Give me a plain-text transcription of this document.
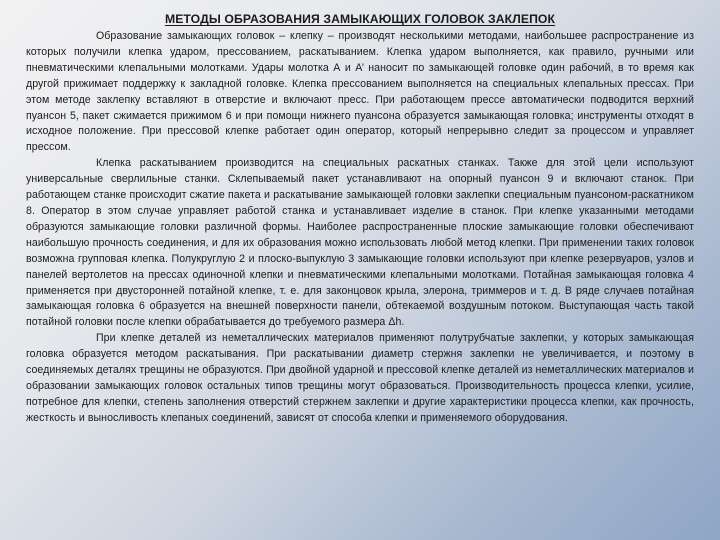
МЕТОДЫ ОБРАЗОВАНИЯ ЗАМЫКАЮЩИХ ГОЛОВОК ЗАКЛЕПОК

Образование замыкающих головок – клепку – производят несколькими методами, наибольшее распространение из которых получили клепка ударом, прессованием, раскатыванием. Клепка ударом выполняется, как правило, ручными или пневматическими клепальными молотками. Удары молотка А и А’ наносит по замыкающей головке один рабочий, в то время как другой прижимает поддержку к закладной головке. Клепка прессованием выполняется на специальных клепальных прессах. При этом методе заклепку вставляют в отверстие и включают пресс. При работающем прессе автоматически подводится верхний пуансон 5, пакет сжимается прижимом 6 и при помощи нижнего пуансона образуется замыкающая головка; инструменты отходят в исходное положение. При прессовой клепке работает один оператор, который непрерывно следит за процессом и управляет прессом.

Клепка раскатыванием производится на специальных раскатных станках. Также для этой цели используют универсальные сверлильные станки. Склепываемый пакет устанавливают на опорный пуансон 9 и включают станок. При работающем станке происходит сжатие пакета и раскатывание замыкающей головки заклепки специальным пуансоном-раскатником 8. Оператор в этом случае управляет работой станка и устанавливает изделие в станок. При клепке указанными методами образуются замыкающие головки различной формы. Наиболее распространенные плоские замыкающие головки обеспечивают наибольшую прочность соединения, и для их образования можно использовать любой метод клепки. При применении таких головок возможна групповая клепка. Полукруглую 2 и плоско-выпуклую 3 замыкающие головки используют при клепке резервуаров, узлов и панелей вертолетов на прессах одиночной клепки и пневматическими клепальными молотками. Потайная замыкающая головка 4 применяется при двусторонней потайной клепке, т. е. для законцовок крыла, элерона, триммеров и т. д. В ряде случаев потайная замыкающая головка 6 образуется на внешней поверхности панели, обтекаемой воздушным потоком. Выступающая часть такой потайной головки после клепки обрабатывается до требуемого размера Δh.

При клепке деталей из неметаллических материалов применяют полутрубчатые заклепки, у которых замыкающая головка образуется методом раскатывания. При раскатывании диаметр стержня заклепки не увеличивается, и поэтому в соединяемых деталях трещины не образуются. При двойной ударной и прессовой клепке деталей из неметаллических материалов и образовании замыкающих головок остальных типов трещины могут образоваться. Производительность процесса клепки, усилие, потребное для клепки, степень заполнения отверстий стержнем заклепки и другие характеристики процесса клепки, как прочность, жесткость и выносливость клепаных соединений, зависят от способа клепки и применяемого оборудования.
